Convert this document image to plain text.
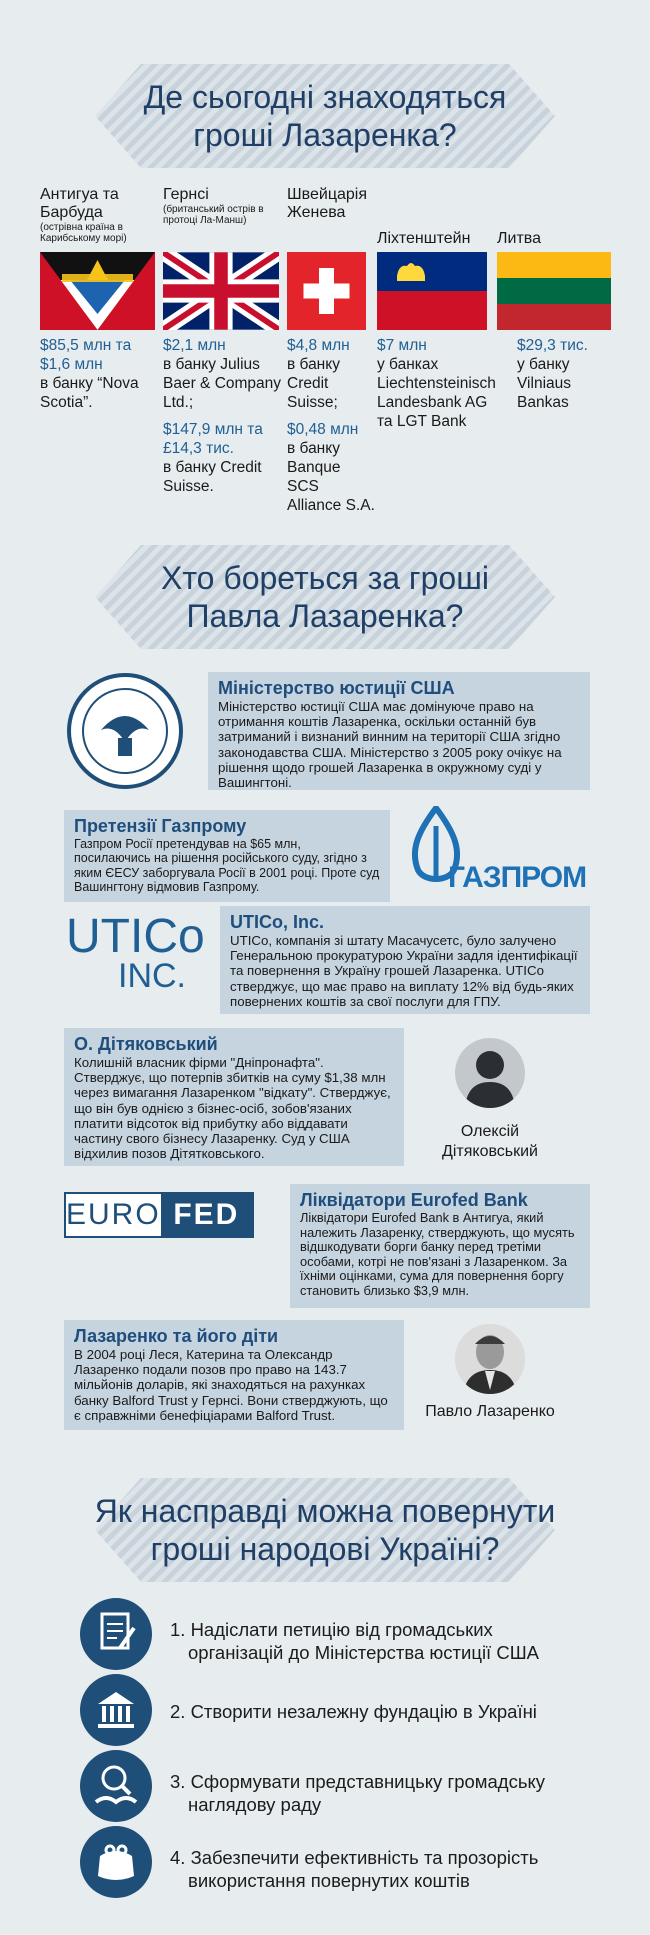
Де сьогодні знаходяться
гроші Лазаренка?
Антигуа та Барбуда
(острівна країна в Карибському морі)
Гернсі
(британський острів в протоці Ла-Манш)
Швейцарія Женева
Ліхтенштейн	Литва

$85,5 млн та $1,6 млн
в банку “Nova Scotia”.

$2,1 млн
в банку Julius Baer & Company Ltd.;

$147,9 млн та £14,3 тис.
в банку Credit Suisse.

$4,8 млн
в банку Credit Suisse;

$0,48 млн
в банку Banque SCS Alliance S.A.

$7 млн
у банках Liechtensteinisch Landesbank AG та LGT Bank

$29,3 тис.
у банку Vilniaus Bankas

Хто бореться за гроші
Павла Лазаренка?
Міністерство юстиції США
Міністерство юстиції США має домінуюче право на отримання коштів Лазаренка, оскільки останній був затриманий і визнаний винним на території США згідно законодавства США. Міністерство з 2005 року очікує на рішення щодо грошей Лазаренка в окружному суді у Вашингтоні.
Претензії Газпрому
Газпром Росії претендував на $65 млн, посилаючись на рішення російського суду, згідно з яким ЄЕСУ заборгувала Росії в 2001 році. Проте суд Вашингтону відмовив Газпрому.	ГАЗПРОМ
UTICo
INC.
UTICo, Inc.
UTICo, компанія зі штату Масачусетс, було залучено Генеральною прокуратурою України задля ідентифікації та повернення в Україну грошей Лазаренка. UTICo стверджує, що має право на виплату 12% від будь-яких повернених коштів за свої послуги для ГПУ.
О. Дітяковський
Колишній власник фірми "Дніпронафта". Стверджує, що потерпів збитків на суму $1,38 млн через вимагання Лазаренком "відкату". Стверджує, що він був однією з бізнес-осіб, зобов'язаних платити відсоток від прибутку або віддавати частину свого бізнесу Лазаренку. Суд у США відхилив позов Дітятковського.
Олексій
Дітяковський
EURO FED	Ліквідатори Eurofed Bank
Ліквідатори Eurofed Bank в Антигуа, який належить Лазаренку, стверджують, що мусять відшкодувати борги банку перед третіми особами, котрі не пов'язані з Лазаренком. За їхніми оцінками, сума для повернення боргу становить близько $3,9 млн.
Лазаренко та його діти
В 2004 році Леся, Катерина та Олександр Лазаренко подали позов про право на 143.7 мільйонів доларів, які знаходяться на рахунках банку Balford Trust у Гернсі. Вони стверджують, що є справжніми бенефіціарами Balford Trust.	Павло Лазаренко
Як насправді можна повернути
гроші народові Україні?
1. Надіслати петицію від громадських
організацій до Міністерства юстиції США
2. Створити незалежну фундацію в Україні
3. Сформувати представницьку громадську
наглядову раду
4. Забезпечити ефективність та прозорість
використання повернутих коштів
